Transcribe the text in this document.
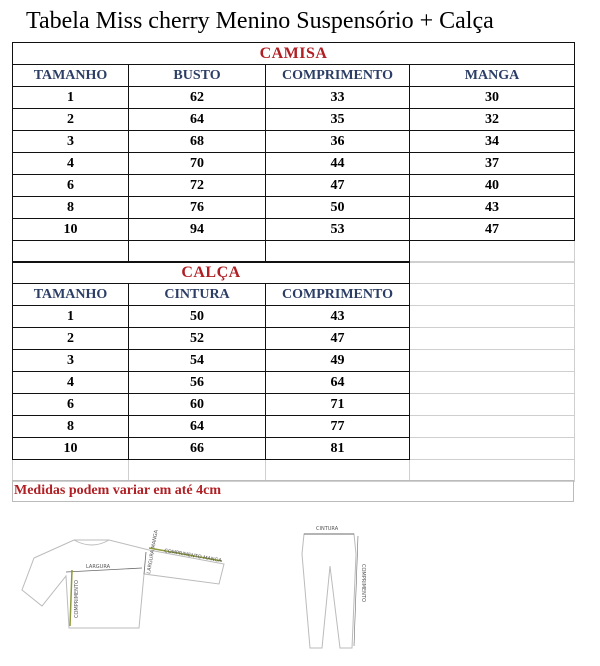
Tabela Miss cherry Menino Suspensório + Calça
CAMISA			
TAMANHO	BUSTO	COMPRIMENTO	MANGA
1	62	33	30
2	64	35	32
3	68	36	34
4	70	44	37
6	72	47	40
8	76	50	43
10	94	53	47

CALÇA			
TAMANHO	CINTURA	COMPRIMENTO	
1	50	43	
2	52	47	
3	54	49	
4	56	64	
6	60	71	
8	64	77	
10	66	81	

Medidas podem variar em até 4cm
LARGURA
COMPRIMENTO MANGA
LARGURA MANGA
COMPRIMENTO
CINTURA
COMPRIMENTO
